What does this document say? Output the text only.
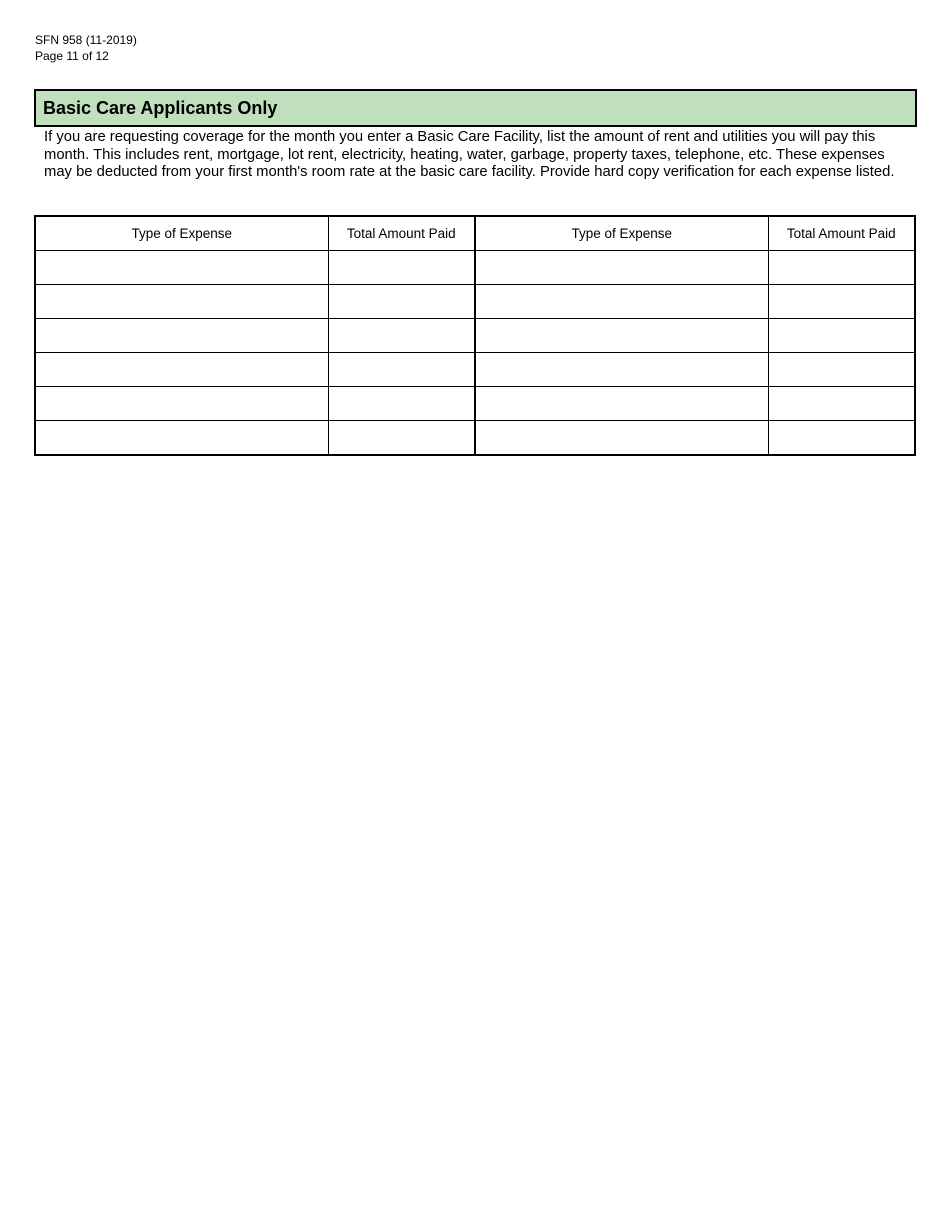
SFN 958 (11-2019)
Page 11 of 12
Basic Care Applicants Only

If you are requesting coverage for the month you enter a Basic Care Facility, list the amount of rent and utilities you will pay this month. This includes rent, mortgage, lot rent, electricity, heating, water, garbage, property taxes, telephone, etc. These expenses may be deducted from your first month's room rate at the basic care facility. Provide hard copy verification for each expense listed.

Type of Expense	Total Amount Paid	Type of Expense	Total Amount Paid
